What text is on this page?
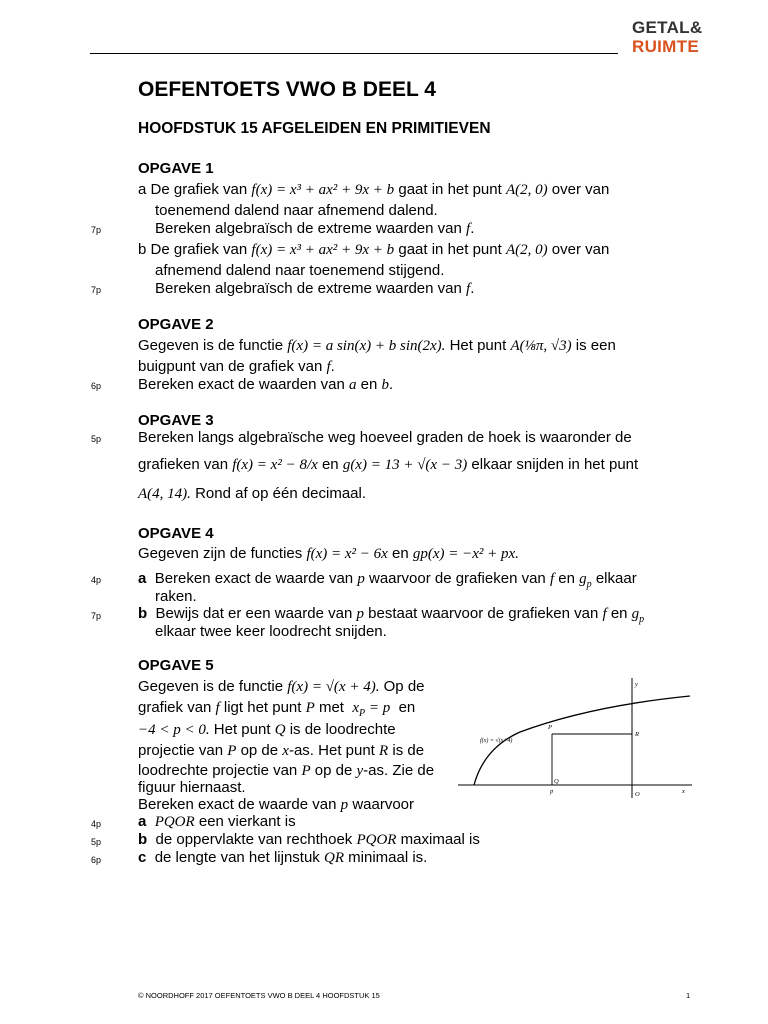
GETAL&
RUIMTE
OEFENTOETS VWO B DEEL 4
HOOFDSTUK 15 AFGELEIDEN EN PRIMITIEVEN
OPGAVE 1
a De grafiek van f(x) = x³ + ax² + 9x + b gaat in het punt A(2, 0) over van
toenemend dalend naar afnemend dalend.
7p	Bereken algebraïsch de extreme waarden van f.
b De grafiek van f(x) = x³ + ax² + 9x + b gaat in het punt A(2, 0) over van
afnemend dalend naar toenemend stijgend.
7p	Bereken algebraïsch de extreme waarden van f.
OPGAVE 2
Gegeven is de functie f(x) = a sin(x) + b sin(2x). Het punt A(⅛π, √3) is een
buigpunt van de grafiek van f.
6p Bereken exact de waarden van a en b.
OPGAVE 3
5p Bereken langs algebraïsche weg hoeveel graden de hoek is waaronder de
grafieken van f(x) = x² − 8/x en g(x) = 13 + √(x − 3) elkaar snijden in het punt
A(4, 14). Rond af op één decimaal.
OPGAVE 4
Gegeven zijn de functies f(x) = x² − 6x en gp(x) = −x² + px.
4p a Bereken exact de waarde van p waarvoor de grafieken van f en $g_p$ elkaar
raken.
7p b Bewijs dat er een waarde van p bestaat waarvoor de grafieken van f en $g_p$
elkaar twee keer loodrecht snijden.
OPGAVE 5
Gegeven is de functie f(x) = √(x + 4). Op de
grafiek van f ligt het punt P met $x_P = p$ en
−4 < p < 0. Het punt Q is de loodrechte
projectie van P op de x-as. Het punt R is de
loodrechte projectie van P op de y-as. Zie de
figuur hiernaast.
Bereken exact de waarde van p waarvoor
4p a PQOR een vierkant is
5p b de oppervlakte van rechthoek PQOR maximaal is
6p c de lengte van het lijnstuk QR minimaal is.
f(x) = √(x+4)
P
R
Q
O
p	x
y
© NOORDHOFF 2017 OEFENTOETS VWO B DEEL 4 HOOFDSTUK 15	1
